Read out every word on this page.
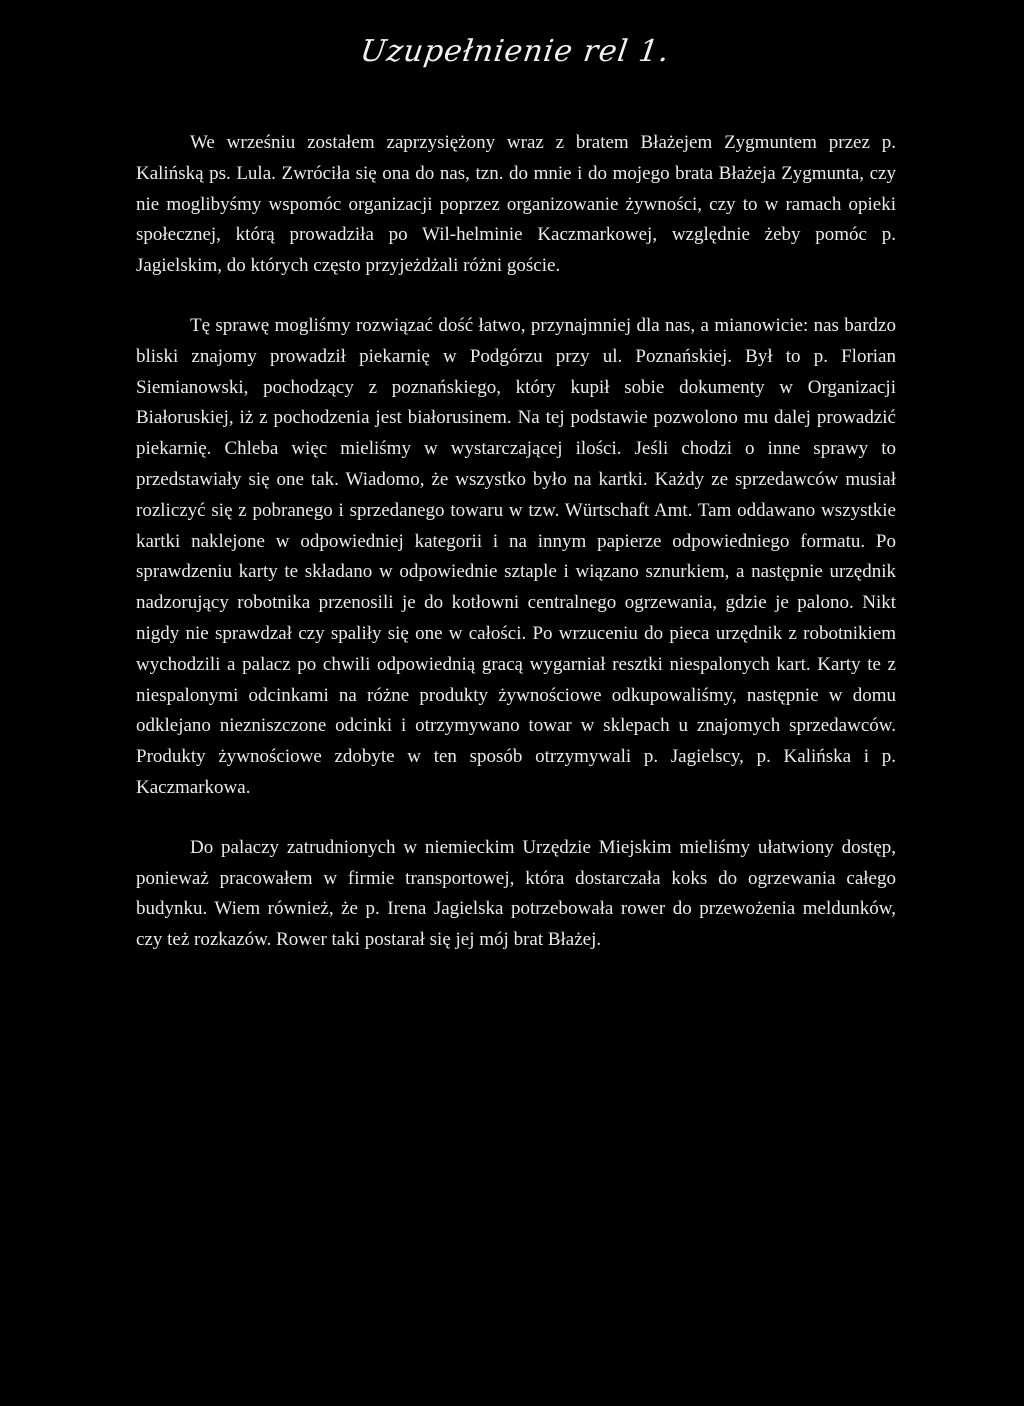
Uzupełnienie rel 1.

We wrześniu zostałem zaprzysiężony wraz z bratem Błażejem Zygmuntem przez p. Kalińską ps. Lula. Zwróciła się ona do nas, tzn. do mnie i do mojego brata Błażeja Zygmunta, czy nie moglibyśmy wspomóc organizacji poprzez organizowanie żywności, czy to w ramach opieki społecznej, którą prowadziła po Wil-helminie Kaczmarkowej, względnie żeby pomóc p. Jagielskim, do których często przyjeżdżali różni goście.

Tę sprawę mogliśmy rozwiązać dość łatwo, przynajmniej dla nas, a mianowicie: nas bardzo bliski znajomy prowadził piekarnię w Podgórzu przy ul. Poznańskiej. Był to p. Florian Siemianowski, pochodzący z poznańskiego, który kupił sobie dokumenty w Organizacji Białoruskiej, iż z pochodzenia jest białorusinem. Na tej podstawie pozwolono mu dalej prowadzić piekarnię. Chleba więc mieliśmy w wystarczającej ilości. Jeśli chodzi o inne sprawy to przedstawiały się one tak. Wiadomo, że wszystko było na kartki. Każdy ze sprzedawców musiał rozliczyć się z pobranego i sprzedanego towaru w tzw. Würtschaft Amt. Tam oddawano wszystkie kartki naklejone w odpowiedniej kategorii i na innym papierze odpowiedniego formatu. Po sprawdzeniu karty te składano w odpowiednie sztaple i wiązano sznurkiem, a następnie urzędnik nadzorujący robotnika przenosili je do kotłowni centralnego ogrzewania, gdzie je palono. Nikt nigdy nie sprawdzał czy spaliły się one w całości. Po wrzuceniu do pieca urzędnik z robotnikiem wychodzili a palacz po chwili odpowiednią gracą wygarniał resztki niespalonych kart. Karty te z niespalonymi odcinkami na różne produkty żywnościowe odkupowaliśmy, następnie w domu odklejano niezniszczone odcinki i otrzymywano towar w sklepach u znajomych sprzedawców. Produkty żywnościowe zdobyte w ten sposób otrzymywali p. Jagielscy, p. Kalińska i p. Kaczmarkowa.

Do palaczy zatrudnionych w niemieckim Urzędzie Miejskim mieliśmy ułatwiony dostęp, ponieważ pracowałem w firmie transportowej, która dostarczała koks do ogrzewania całego budynku. Wiem również, że p. Irena Jagielska potrzebowała rower do przewożenia meldunków, czy też rozkazów. Rower taki postarał się jej mój brat Błażej.
